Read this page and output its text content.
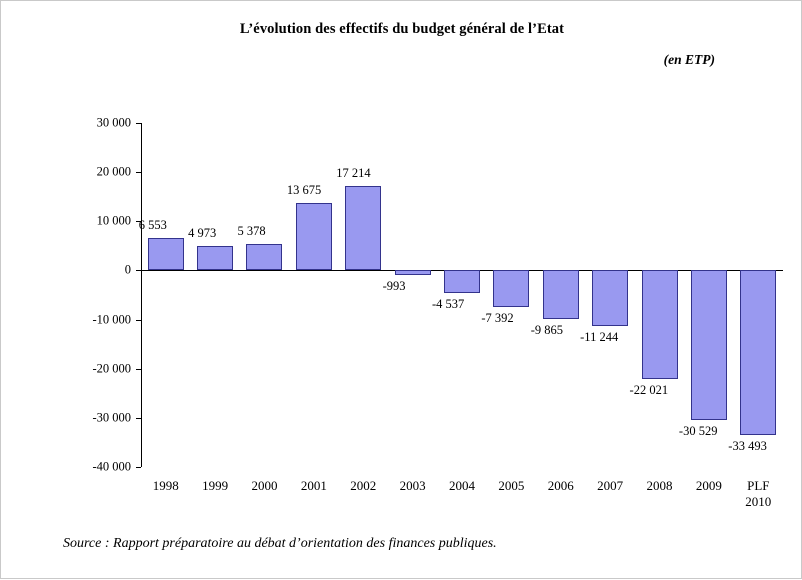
L’évolution des effectifs du budget général de l’Etat
(en ETP)
30 000
20 000
10 000
0
-10 000
-20 000
-30 000
-40 000
6 553
1998
4 973
1999
5 378
2000
13 675
2001
17 214
2002
-993
2003
-4 537
2004
-7 392
2005
-9 865
2006
-11 244
2007
-22 021
2008
-30 529
2009
-33 493
PLF
2010
Source : Rapport préparatoire au débat d’orientation des finances publiques.
